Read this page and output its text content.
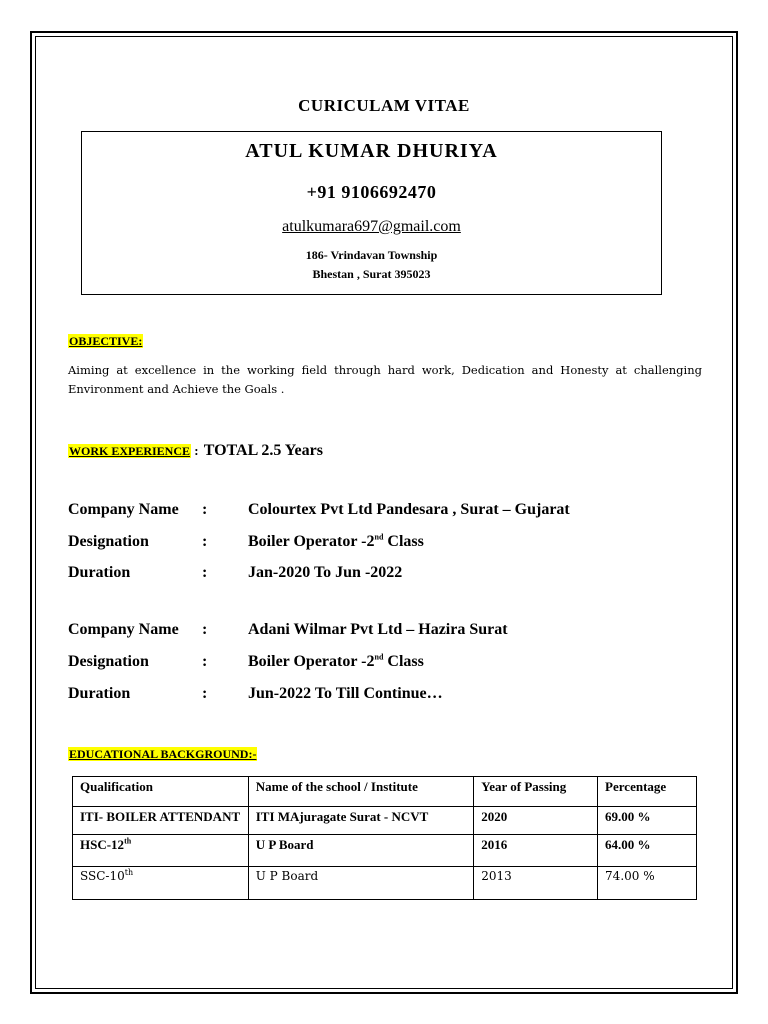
CURICULAM VITAE
ATUL KUMAR DHURIYA
+91 9106692470
atulkumara697@gmail.com
186- Vrindavan Township
Bhestan , Surat 395023
OBJECTIVE:
Aiming at excellence in the working field through hard work, Dedication and Honesty at challenging Environment and Achieve the Goals .
WORK EXPERIENCE : TOTAL 2.5 Years
Company Name :	Colourtex Pvt Ltd Pandesara , Surat – Gujarat
Designation	:	Boiler Operator -2nd Class
Duration	:	Jan-2020 To Jun -2022
Company Name :	Adani Wilmar Pvt Ltd – Hazira Surat
Designation	:	Boiler Operator -2nd Class
Duration	:	Jun-2022 To Till Continue…
EDUCATIONAL BACKGROUND:-
Qualification	Name of the school / Institute	Year of Passing	Percentage
ITI- BOILER ATTENDANT	ITI MAjuragate Surat - NCVT	2020	69.00 %
HSC-12th	U P Board	2016	64.00 %
SSC-10th	U P Board	2013	74.00 %
